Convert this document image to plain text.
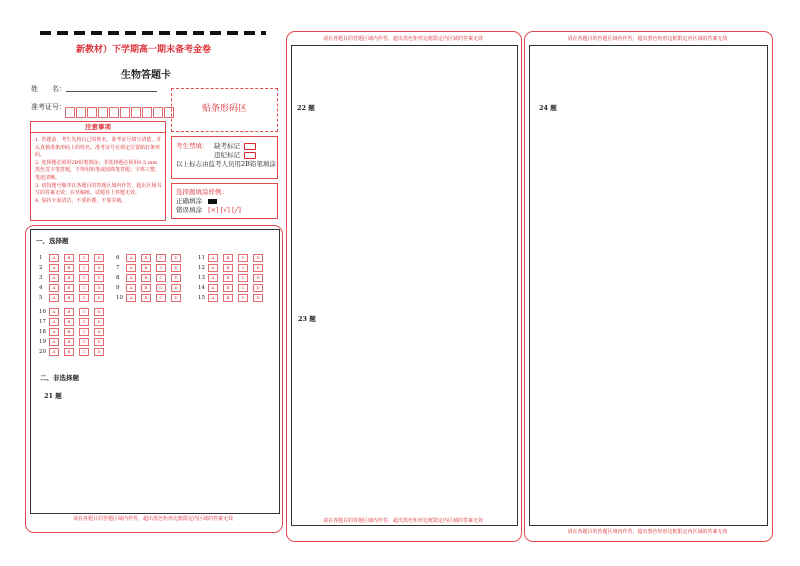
新教材）下学期高一期末备考金卷
生物答题卡
姓　　名：
准考证号：	贴条形码区
注意事项
1. 答题前，考生先将自己的姓名、准考证号填写清楚，并认真核准条形码上的姓名、准考证号在规定位置贴好条形码。
2. 选择题必须用2B铅笔填涂；非选择题必须用0.5 mm黑色签字笔答题，不得用铅笔或圆珠笔答题；字体工整、笔迹清晰。
3. 请按题号顺序在各题目的答题区域内作答，超出区域书写的答案无效；在草稿纸、试题卷上答题无效。
4. 保持卡面清洁，不要折叠，不要弄破。
考生禁填： 缺考标记
违纪标记
以上标志由监考人员用2B铅笔填涂
选择题填涂样例：
正确填涂
错误填涂 [×] [√] [╱]
一、选择题
1	A	B	C	D
2	A	B	C	D
3	A	B	C	D
4	A	B	C	D
5	A	B	C	D
6	A	B	C	D
7	A	B	C	D
8	A	B	C	D
9	A	B	C	D
10 A	B	C	D
11 A	B	C	D
12 A	B	C	D
13 A	B	C	D
14 A	B	C	D
15 A	B	C	D
16 A	B	C	D
17 A	B	C	D
18 A	B	C	D
19 A	B	C	D
20 A	B	C	D
二、非选择题
21 题
请在各题目的答题区域内作答，超出黑色矩形边框限定内区域的答案无效
请在各题目的答题区域内作答，超出黑色矩形边框限定内区域的答案无效
22 题
23 题
请在各题目的答题区域内作答，超出黑色矩形边框限定内区域的答案无效
请在各题目的答题区域内作答，超出黑色矩形边框限定内区域的答案无效
24 题
请在各题目的答题区域内作答，超出黑色矩形边框限定内区域的答案无效
